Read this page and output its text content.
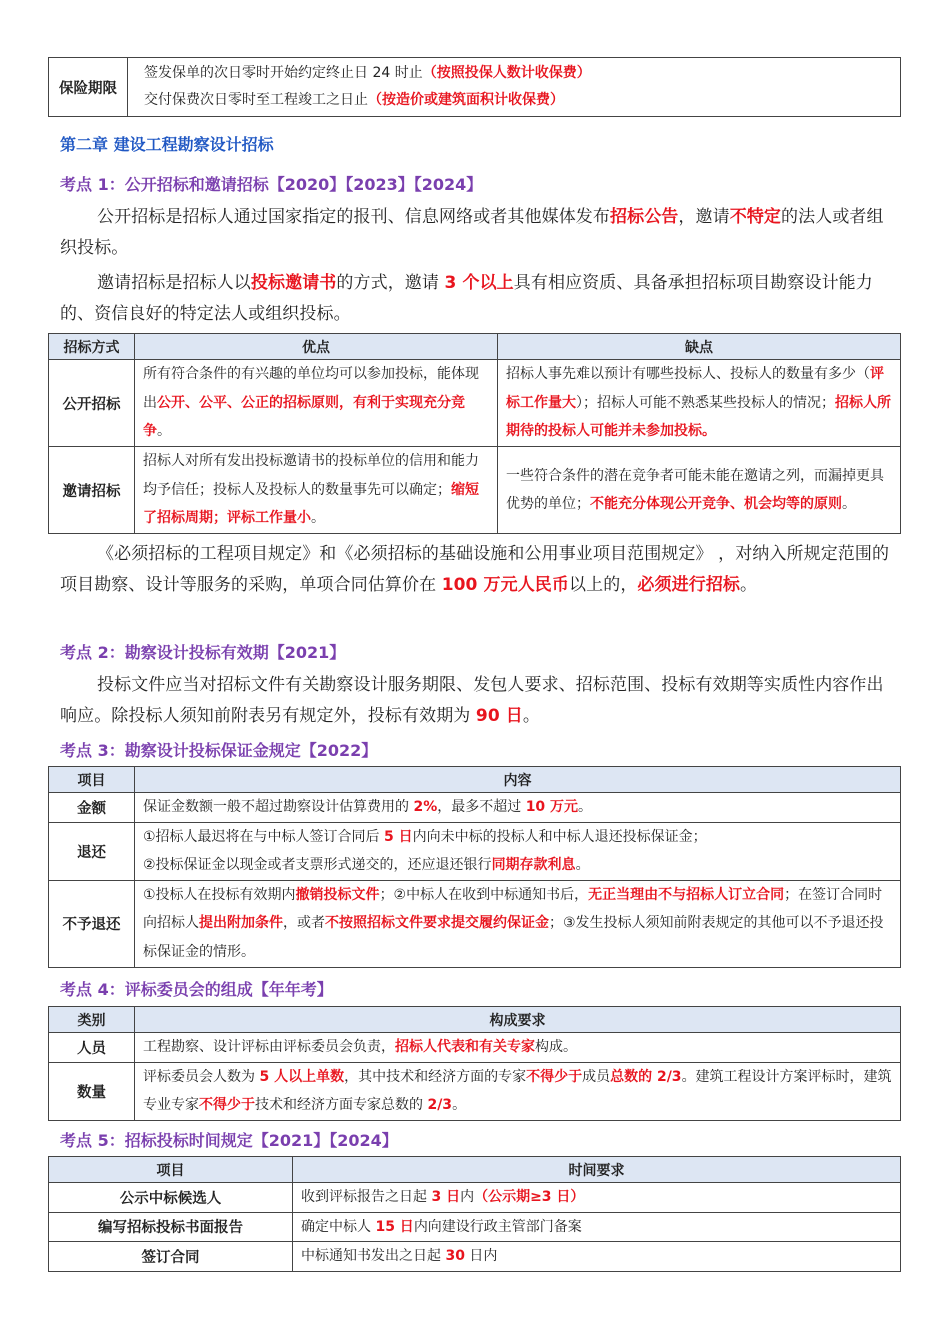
保险期限	
签发保单的次日零时开始约定终止日 24 时止（按照投保人数计收保费）
交付保费次日零时至工程竣工之日止（按造价或建筑面积计收保费）
第二章 建设工程勘察设计招标
考点 1：公开招标和邀请招标【2020】【2023】【2024】
公开招标是招标人通过国家指定的报刊、信息网络或者其他媒体发布招标公告，邀请不特定的法人或者组织投标。
邀请招标是招标人以投标邀请书的方式，邀请 3 个以上具有相应资质、具备承担招标项目勘察设计能力的、资信良好的特定法人或组织投标。
招标方式	优点	缺点
公开招标	所有符合条件的有兴趣的单位均可以参加投标，能体现出公开、公平、公正的招标原则，有利于实现充分竞争。	招标人事先难以预计有哪些投标人、投标人的数量有多少（评标工作量大）；招标人可能不熟悉某些投标人的情况；招标人所期待的投标人可能并未参加投标。
邀请招标	招标人对所有发出投标邀请书的投标单位的信用和能力均予信任；投标人及投标人的数量事先可以确定；缩短了招标周期；评标工作量小。	一些符合条件的潜在竞争者可能未能在邀请之列，而漏掉更具优势的单位；不能充分体现公开竞争、机会均等的原则。
《必须招标的工程项目规定》和《必须招标的基础设施和公用事业项目范围规定》 ，对纳入所规定范围的项目勘察、设计等服务的采购，单项合同估算价在 100 万元人民币以上的，必须进行招标。
考点 2：勘察设计投标有效期【2021】
投标文件应当对招标文件有关勘察设计服务期限、发包人要求、招标范围、投标有效期等实质性内容作出响应。除投标人须知前附表另有规定外，投标有效期为 90 日。
考点 3：勘察设计投标保证金规定【2022】
项目	内容
金额	保证金数额一般不超过勘察设计估算费用的 2%，最多不超过 10 万元。
退还	①招标人最迟将在与中标人签订合同后 5 日内向未中标的投标人和中标人退还投标保证金；
②投标保证金以现金或者支票形式递交的，还应退还银行同期存款利息。

不予退还	①投标人在投标有效期内撤销投标文件；②中标人在收到中标通知书后，无正当理由不与招标人订立合同；在签订合同时向招标人提出附加条件，或者不按照招标文件要求提交履约保证金；③发生投标人须知前附表规定的其他可以不予退还投标保证金的情形。
考点 4：评标委员会的组成【年年考】
类别	构成要求
人员	工程勘察、设计评标由评标委员会负责，招标人代表和有关专家构成。
数量	评标委员会人数为 5 人以上单数，其中技术和经济方面的专家不得少于成员总数的 2/3。建筑工程设计方案评标时，建筑专业专家不得少于技术和经济方面专家总数的 2/3。
考点 5：招标投标时间规定【2021】【2024】
项目	时间要求
公示中标候选人	收到评标报告之日起 3 日内（公示期≥3 日）
编写招标投标书面报告	确定中标人 15 日内向建设行政主管部门备案
签订合同	中标通知书发出之日起 30 日内
